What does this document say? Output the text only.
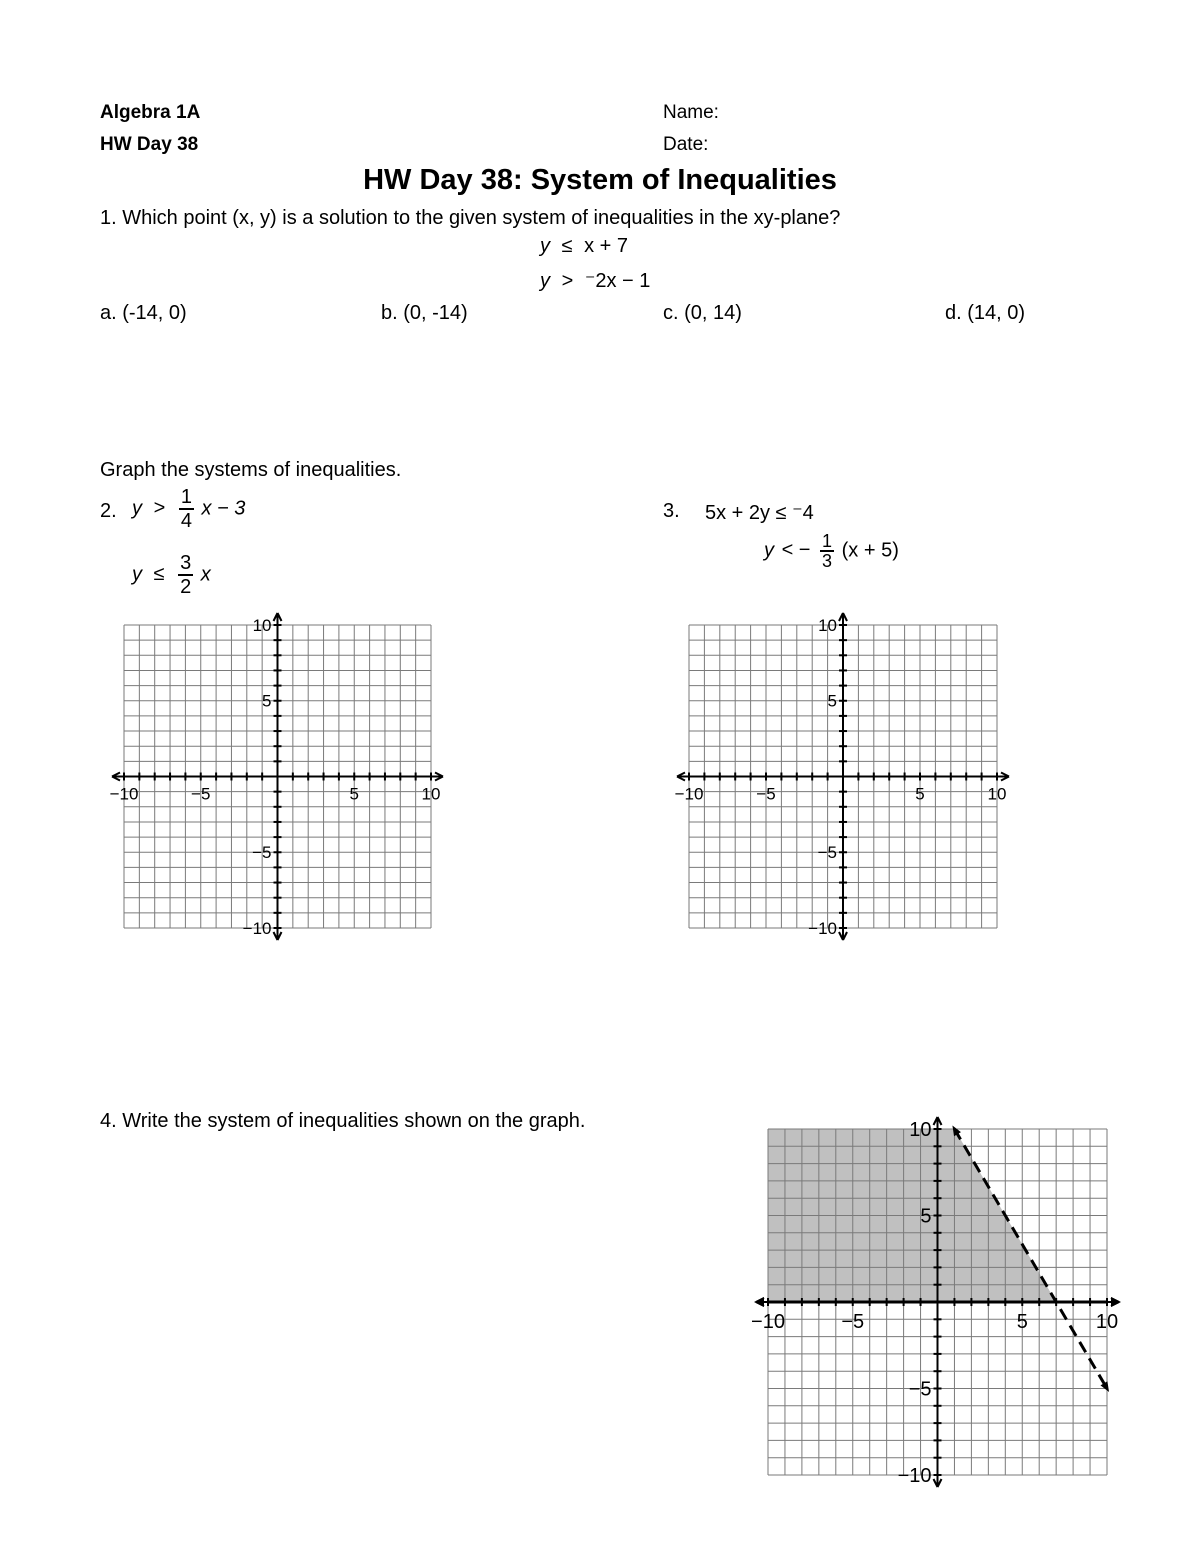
Algebra 1A
HW Day 38
Name:
Date:
HW Day 38: System of Inequalities
1. Which point (x, y) is a solution to the given system of inequalities in the xy-plane?
y ≤ x + 7
y > ⁻2x − 1
a. (-14, 0)	b. (0, -14)	c. (0, 14)	d. (14, 0)
Graph the systems of inequalities.
2. $y > \frac{1}{4}$ x − 3
$y \le \frac{3}{2}$ x
3. 5x + 2y ≤ ⁻4
y < − $\frac{1}{3} (x + 5)$
4. Write the system of inequalities shown on the graph.
−10	−5	5	10
10
5
−5
−10
−10	−5	5	10
10
5
−5
−10
−10	−5	5	10
10
5
−5
−10
